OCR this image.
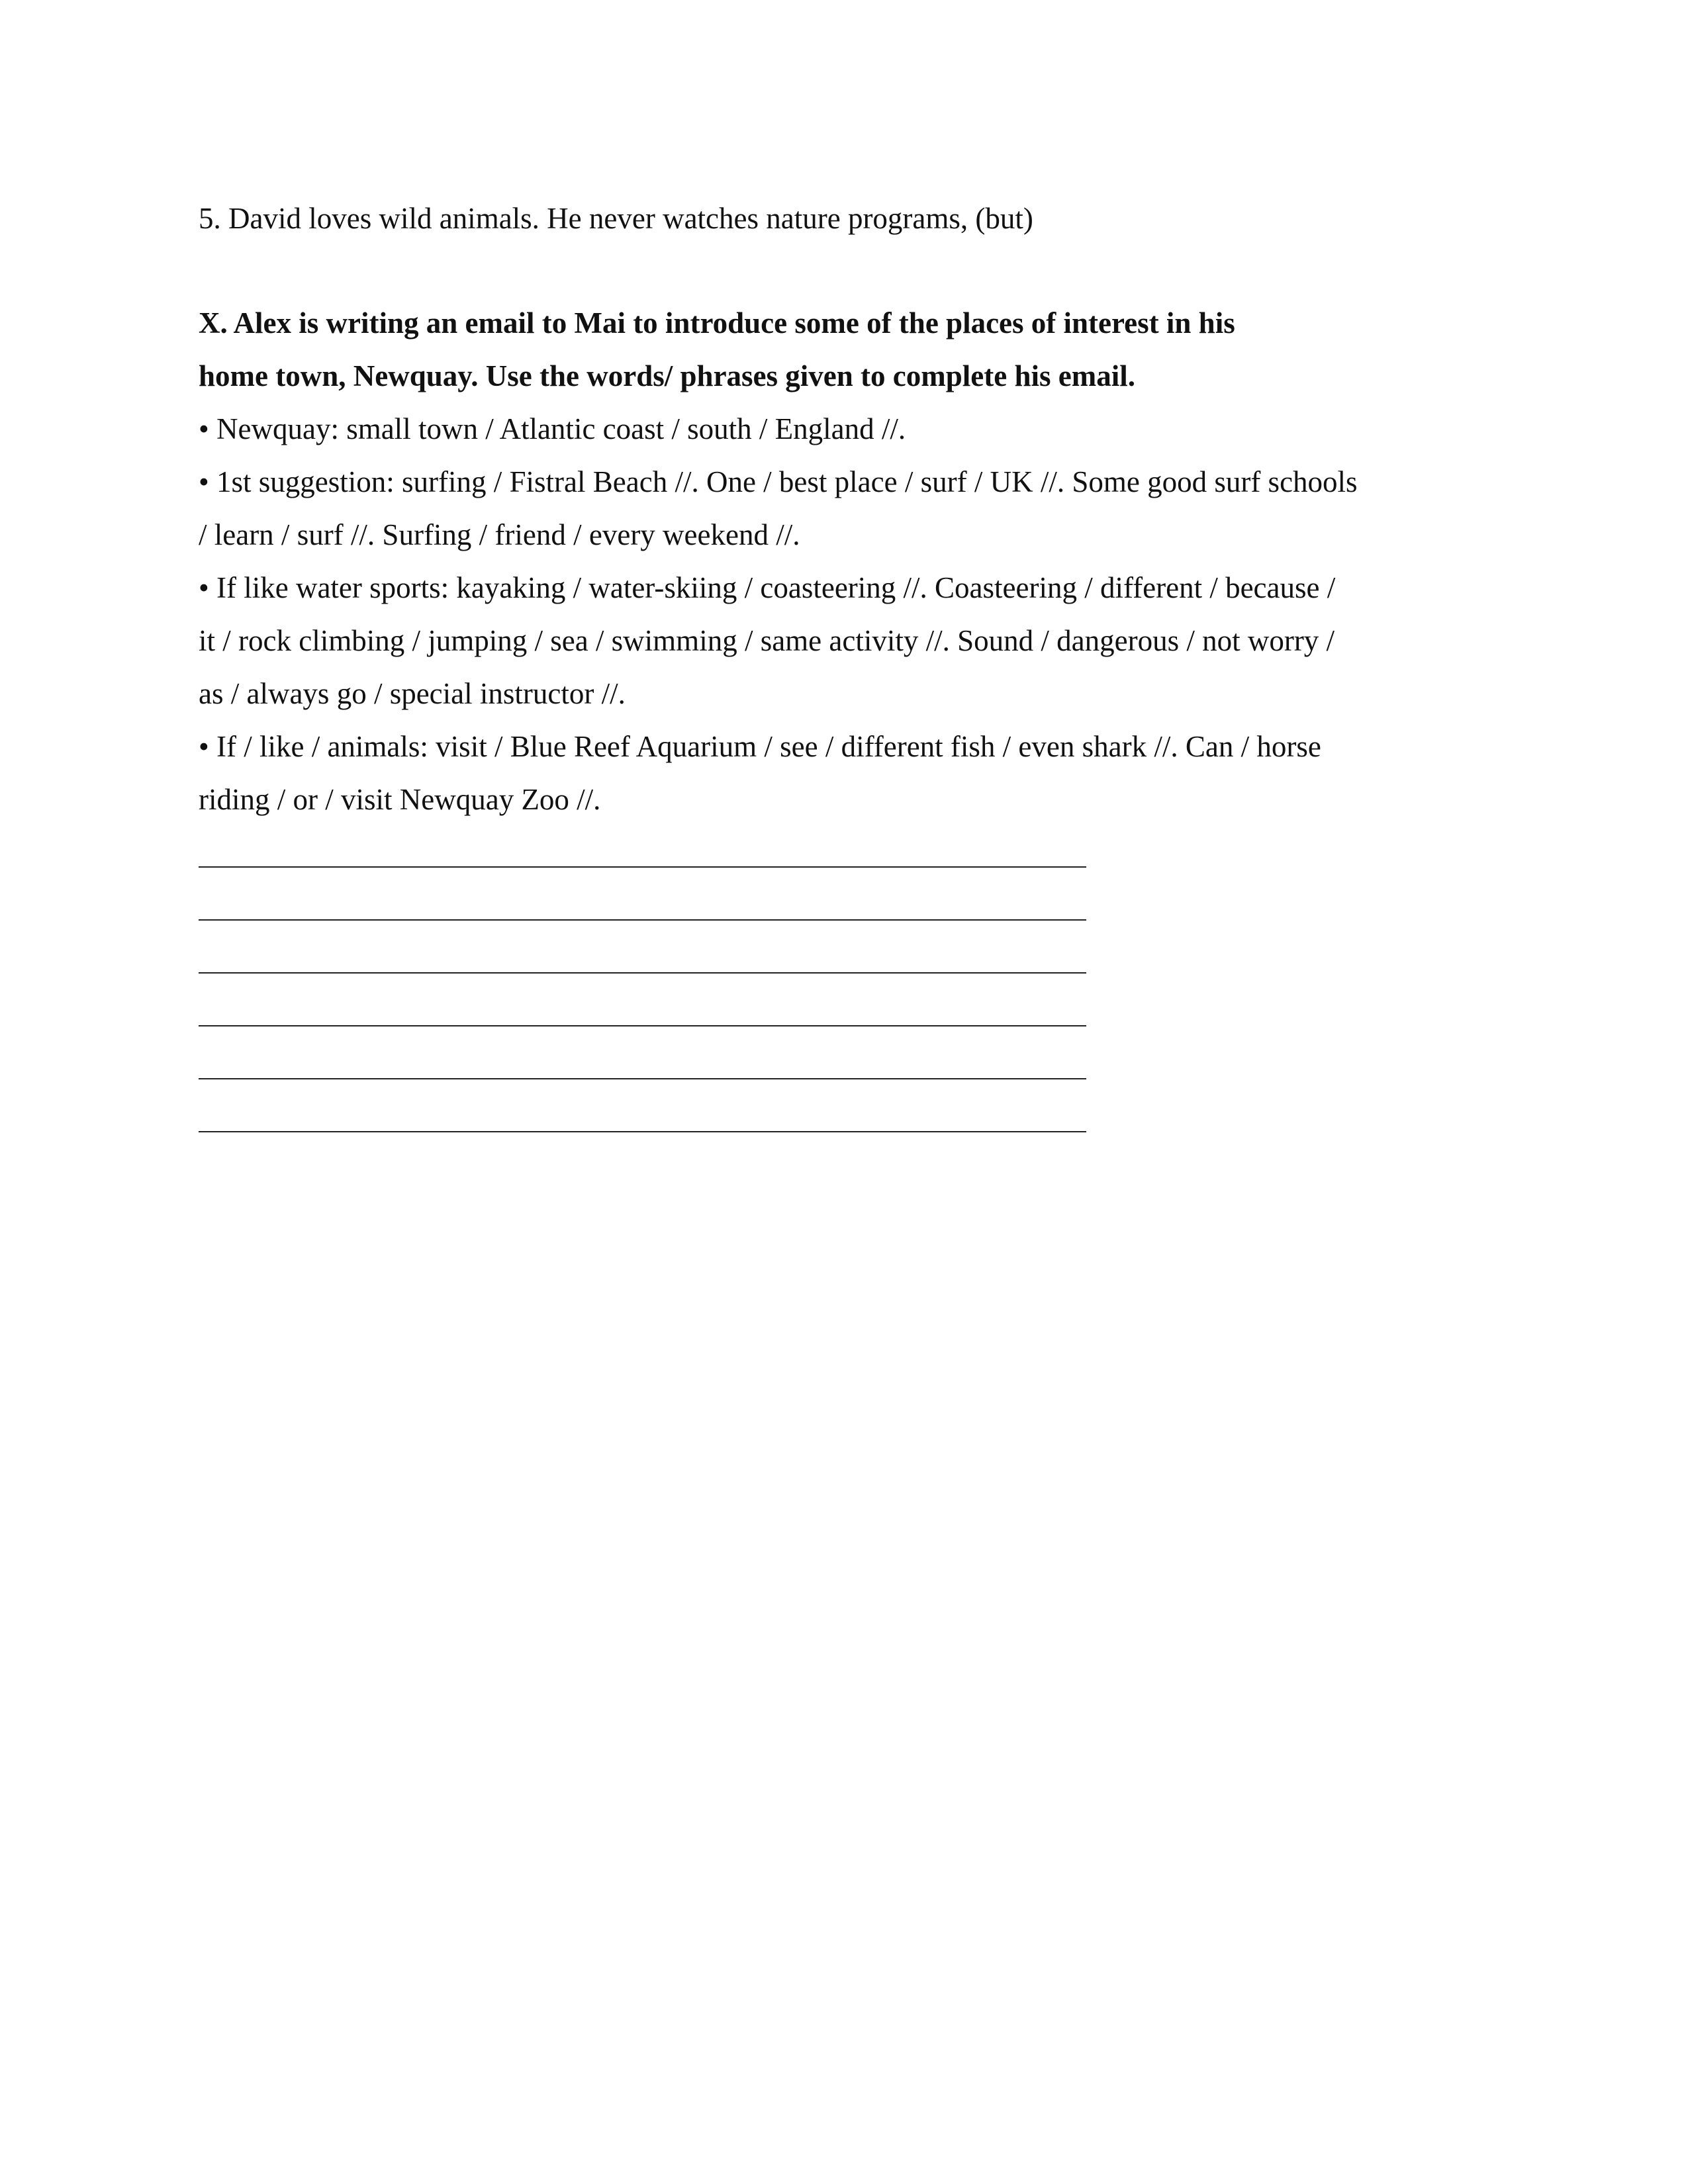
5. David loves wild animals. He never watches nature programs, (but)
X. Alex is writing an email to Mai to introduce some of the places of interest in his
home town, Newquay. Use the words/ phrases given to complete his email.
• Newquay: small town / Atlantic coast / south / England //.
• 1st suggestion: surfing / Fistral Beach //. One / best place / surf / UK //. Some good surf schools
/ learn / surf //. Surfing / friend / every weekend //.
• If like water sports: kayaking / water-skiing / coasteering //. Coasteering / different / because /
it / rock climbing / jumping / sea / swimming / same activity //. Sound / dangerous / not worry /
as / always go / special instructor //.
• If / like / animals: visit / Blue Reef Aquarium / see / different fish / even shark //. Can / horse
riding / or / visit Newquay Zoo //.
